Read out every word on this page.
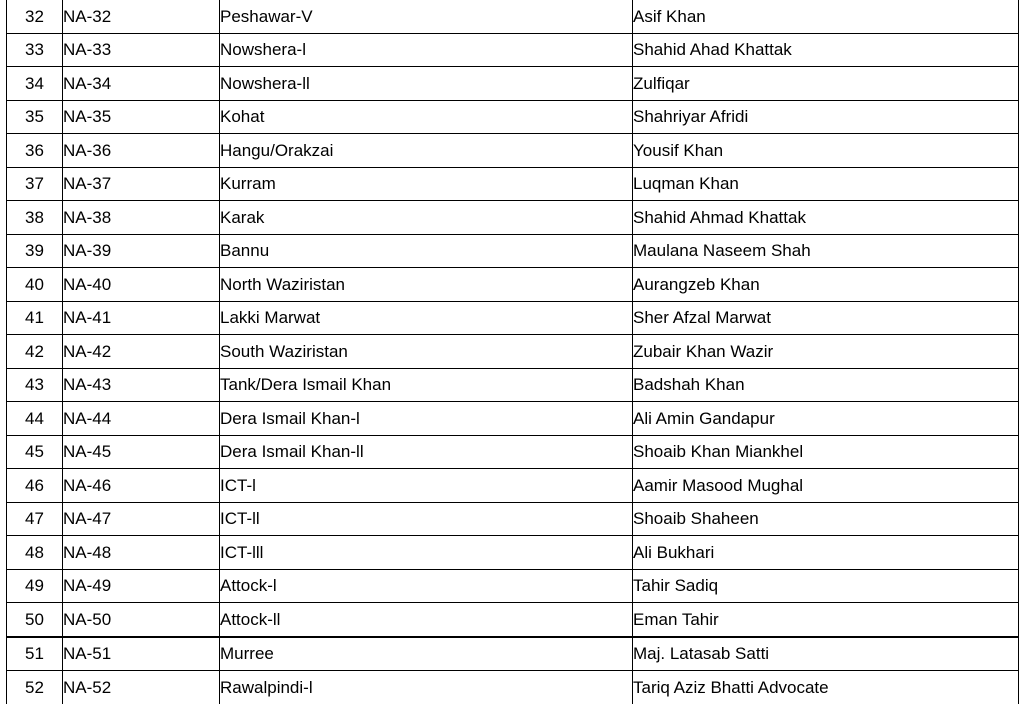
32	NA-32	Peshawar-V	Asif Khan
33	NA-33	Nowshera-l	Shahid Ahad Khattak
34	NA-34	Nowshera-ll	Zulfiqar
35	NA-35	Kohat	Shahriyar Afridi
36	NA-36	Hangu/Orakzai	Yousif Khan
37	NA-37	Kurram	Luqman Khan
38	NA-38	Karak	Shahid Ahmad Khattak
39	NA-39	Bannu	Maulana Naseem Shah
40	NA-40	North Waziristan	Aurangzeb Khan
41	NA-41	Lakki Marwat	Sher Afzal Marwat
42	NA-42	South Waziristan	Zubair Khan Wazir
43	NA-43	Tank/Dera Ismail Khan	Badshah Khan
44	NA-44	Dera Ismail Khan-l	Ali Amin Gandapur
45	NA-45	Dera Ismail Khan-ll	Shoaib Khan Miankhel
46	NA-46	ICT-l	Aamir Masood Mughal
47	NA-47	ICT-ll	Shoaib Shaheen
48	NA-48	ICT-lll	Ali Bukhari
49	NA-49	Attock-l	Tahir Sadiq
50	NA-50	Attock-ll	Eman Tahir
51	NA-51	Murree	Maj. Latasab Satti
52	NA-52	Rawalpindi-l	Tariq Aziz Bhatti Advocate
